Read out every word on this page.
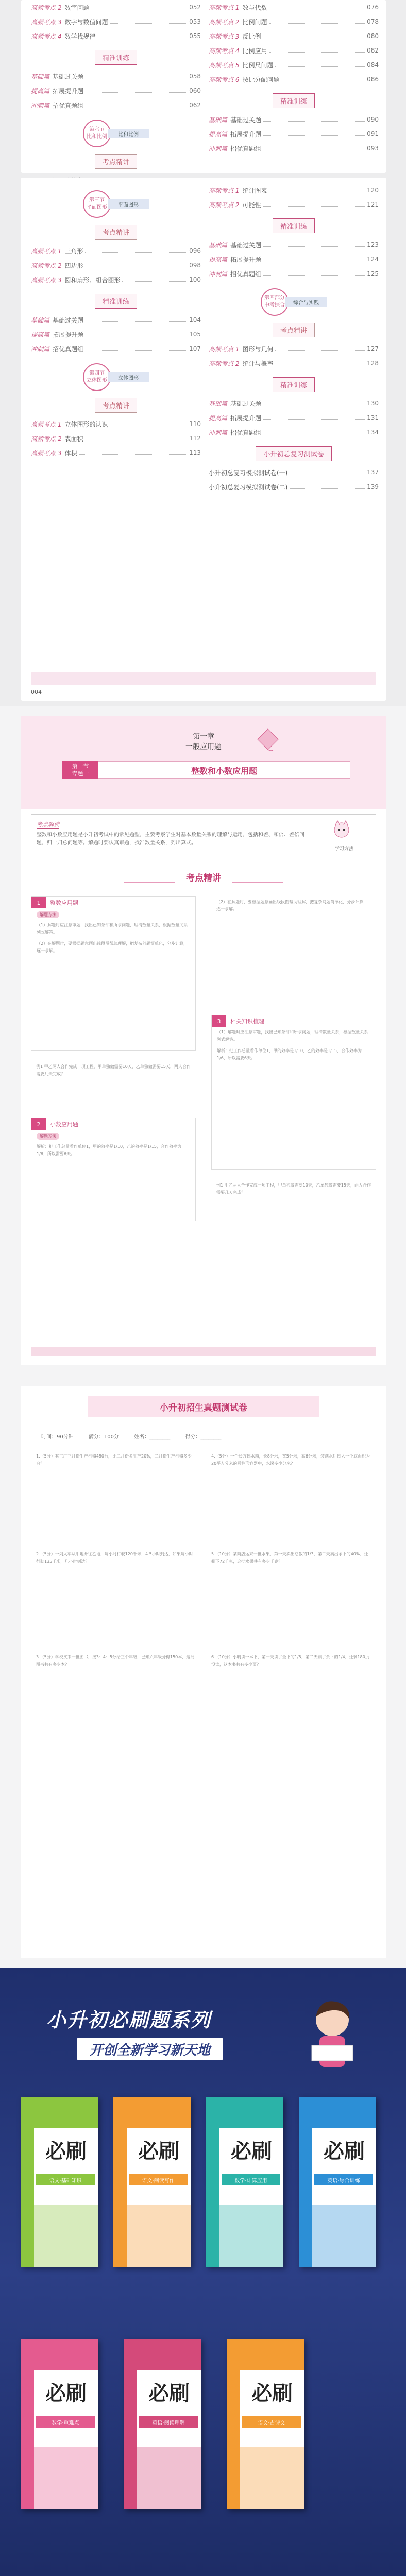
高频考点 2 数字问题	052
高频考点 3 数字与数值问题	053
高频考点 4 数学找规律	055
精准训练
基础篇 基础过关题	058
提高篇 拓展提升题	060
冲刺篇 招优真题组	062
第六节 比和比例	比和比例
考点精讲
高频考点 1 数与代数	076
高频考点 2 比例问题	078
高频考点 3 反比例	080
高频考点 4 比例应用	082
高频考点 5 比例尺问题	084
高频考点 6 按比分配问题	086
精准训练
基础篇 基础过关题	090
提高篇 拓展提升题	091
冲刺篇 招优真题组	093
第三节 平面图形	平面图形
考点精讲
高频考点 1 三角形	096
高频考点 2 四边形	098
高频考点 3 圆和扇形、组合图形	100
精准训练
基础篇 基础过关题	104
提高篇 拓展提升题	105
冲刺篇 招优真题组	107
第四节 立体图形	立体图形
考点精讲
高频考点 1 立体图形的认识	110
高频考点 2 表面积	112
高频考点 3 体积	113
高频考点 1 统计图表	120
高频考点 2 可能性	121
精准训练
基础篇 基础过关题	123
提高篇 拓展提升题	124
冲刺篇 招优真题组	125
第四部分 中考综合	综合与实践
考点精讲
高频考点 1 图形与几何	127
高频考点 2 统计与概率	128
精准训练
基础篇 基础过关题	130
提高篇 拓展提升题	131
冲刺篇 招优真题组	134
小升初总复习测试卷
小升初总复习模拟测试卷(一)	137
小升初总复习模拟测试卷(二)	139
004
第一章
一般应用题
第一节
专题一	整数和小数应用题
考点解读
整数和小数应用题是小升初考试中的常见题型，主要考察学生对基本数量关系的理解与运用，包括和差、和倍、差倍问题，归一归总问题等。解题时要认真审题，找准数量关系，列出算式。
学习方法
考点精讲
1	整数应用题
解题方法
（1）解题时应注意审题，找出已知条件和所求问题，理清数量关系，根据数量关系列式解答。
（2）在解题时，要根据题意画出线段图帮助理解，把复杂问题简单化，分步计算，逐一求解。
例1 甲乙两人合作完成一项工程，甲单独做需要10天，乙单独做需要15天，两人合作需要几天完成？
2	小数应用题
解题方法
解析：把工作总量看作单位1，甲的效率是1/10，乙的效率是1/15，合作效率为1/6，所以需要6天。
（2）在解题时，要根据题意画出线段图帮助理解，把复杂问题简单化，分步计算，逐一求解。
3	相关知识梳理
（1）解题时应注意审题，找出已知条件和所求问题，理清数量关系，根据数量关系列式解答。
解析：把工作总量看作单位1，甲的效率是1/10，乙的效率是1/15，合作效率为1/6，所以需要6天。
例1 甲乙两人合作完成一项工程，甲单独做需要10天，乙单独做需要15天，两人合作需要几天完成？
小升初招生真题测试卷
时间：90分钟	满分：100分	姓名：________	得分：________
1.（5分）某工厂三月份生产机器480台，比二月份多生产20%，二月份生产机器多少台？
2.（5分）一列火车从甲地开往乙地，每小时行驶120千米，4.5小时到达，如果每小时行驶135千米，几小时到达？
3.（5分）学校买来一批图书，按3：4：5分给三个年级，已知六年级分得150本，这批图书共有多少本？
4.（5分）一个长方体水箱，长8分米，宽5分米，高6分米，装满水后倒入一个底面积为20平方分米的圆柱形容器中，水深多少分米？
5.（10分）某商店运来一批水果，第一天卖出总数的1/3，第二天卖出余下的40%，还剩下72千克，这批水果共有多少千克？
6.（10分）小明读一本书，第一天读了全书的1/5，第二天读了余下的1/4，还剩180页没读，这本书共有多少页？
小升初必刷题系列
开创全新学习新天地
必刷
语文·基础知识
必刷
语文·阅读写作
必刷
数学·计算应用
必刷
英语·综合训练
必刷
数学·重难点
必刷
英语·阅读理解
必刷
语文·古诗文
